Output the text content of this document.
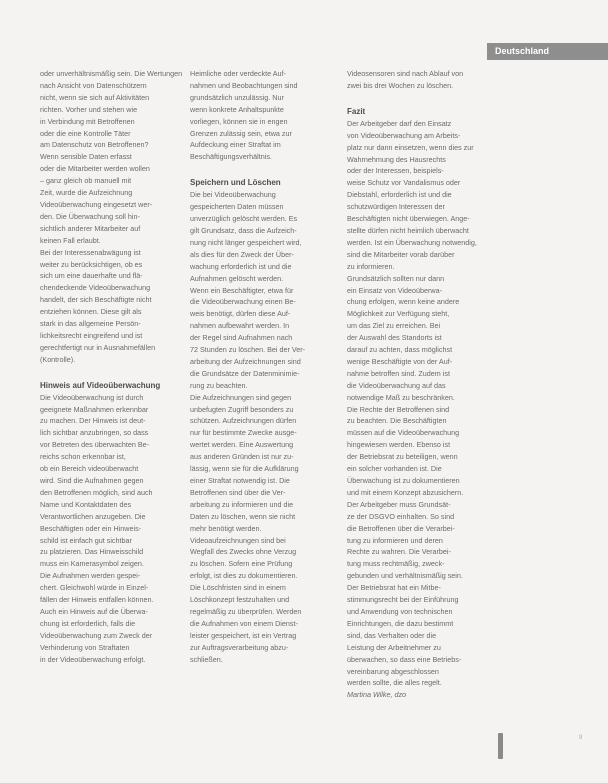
Deutschland

oder unverhältnismäßig sein. Die Wertungen

nach Ansicht von Datenschützern

nicht, wenn sie sich auf Aktivitäten

richten. Vorher und stehen wie

in Verbindung mit Betroffenen

oder die eine Kontrolle Täter

am Datenschutz von Betroffenen?

Wenn sensible Daten erfasst

oder die Mitarbeiter werden wollen

– ganz gleich ob manuell mit

Zeit, wurde die Aufzeichnung

Videoüberwachung eingesetzt wer-

den. Die Überwachung soll hin-

sichtlich anderer Mitarbeiter auf

keinen Fall erlaubt.

Bei der Interessenabwägung ist

weiter zu berücksichtigen, ob es

sich um eine dauerhafte und flä-

chendeckende Videoüberwachung

handelt, der sich Beschäftigte nicht

entziehen können. Diese gilt als

stark in das allgemeine Persön-

lichkeitsrecht eingreifend und ist

gerechtfertigt nur in Ausnahmefällen

(Kontrolle).

Hinweis auf Videoüberwachung

Die Videoüberwachung ist durch

geeignete Maßnahmen erkennbar

zu machen. Der Hinweis ist deut-

lich sichtbar anzubringen, so dass

vor Betreten des überwachten Be-

reichs schon erkennbar ist,

ob ein Bereich videoüberwacht

wird. Sind die Aufnahmen gegen

den Betroffenen möglich, sind auch

Name und Kontaktdaten des

Verantwortlichen anzugeben. Die

Beschäftigten oder ein Hinweis-

schild ist einfach gut sichtbar

zu platzieren. Das Hinweisschild

muss ein Kamerasymbol zeigen.

Die Aufnahmen werden gespei-

chert. Gleichwohl würde in Einzel-

fällen der Hinweis entfallen können.

Auch ein Hinweis auf die Überwa-

chung ist erforderlich, falls die

Videoüberwachung zum Zweck der

Verhinderung von Straftaten

in der Videoüberwachung erfolgt.

Heimliche oder verdeckte Auf-

nahmen und Beobachtungen sind

grundsätzlich unzulässig. Nur

wenn konkrete Anhaltspunkte

vorliegen, können sie in engen

Grenzen zulässig sein, etwa zur

Aufdeckung einer Straftat im

Beschäftigungsverhältnis.

Speichern und Löschen

Die bei Videoüberwachung

gespeicherten Daten müssen

unverzüglich gelöscht werden. Es

gilt Grundsatz, dass die Aufzeich-

nung nicht länger gespeichert wird,

als dies für den Zweck der Über-

wachung erforderlich ist und die

Aufnahmen gelöscht werden.

Wenn ein Beschäftigter, etwa für

die Videoüberwachung einen Be-

weis benötigt, dürfen diese Auf-

nahmen aufbewahrt werden. In

der Regel sind Aufnahmen nach

72 Stunden zu löschen. Bei der Ver-

arbeitung der Aufzeichnungen sind

die Grundsätze der Datenminimie-

rung zu beachten.

Die Aufzeichnungen sind gegen

unbefugten Zugriff besonders zu

schützen. Aufzeichnungen dürfen

nur für bestimmte Zwecke ausge-

wertet werden. Eine Auswertung

aus anderen Gründen ist nur zu-

lässig, wenn sie für die Aufklärung

einer Straftat notwendig ist. Die

Betroffenen sind über die Ver-

arbeitung zu informieren und die

Daten zu löschen, wenn sie nicht

mehr benötigt werden.

Videoaufzeichnungen sind bei

Wegfall des Zwecks ohne Verzug

zu löschen. Sofern eine Prüfung

erfolgt, ist dies zu dokumentieren.

Die Löschfristen sind in einem

Löschkonzept festzuhalten und

regelmäßig zu überprüfen. Werden

die Aufnahmen von einem Dienst-

leister gespeichert, ist ein Vertrag

zur Auftragsverarbeitung abzu-

schließen.

Videosensoren sind nach Ablauf von

zwei bis drei Wochen zu löschen.

Fazit

Der Arbeitgeber darf den Einsatz

von Videoüberwachung am Arbeits-

platz nur dann einsetzen, wenn dies zur

Wahrnehmung des Hausrechts

oder der Interessen, beispiels-

weise Schutz vor Vandalismus oder

Diebstahl, erforderlich ist und die

schutzwürdigen Interessen der

Beschäftigten nicht überwiegen. Ange-

stellte dürfen nicht heimlich überwacht

werden. Ist ein Überwachung notwendig,

sind die Mitarbeiter vorab darüber

zu informieren.

Grundsätzlich sollten nur dann

ein Einsatz von Videoüberwa-

chung erfolgen, wenn keine andere

Möglichkeit zur Verfügung steht,

um das Ziel zu erreichen. Bei

der Auswahl des Standorts ist

darauf zu achten, dass möglichst

wenige Beschäftigte von der Auf-

nahme betroffen sind. Zudem ist

die Videoüberwachung auf das

notwendige Maß zu beschränken.

Die Rechte der Betroffenen sind

zu beachten. Die Beschäftigten

müssen auf die Videoüberwachung

hingewiesen werden. Ebenso ist

der Betriebsrat zu beteiligen, wenn

ein solcher vorhanden ist. Die

Überwachung ist zu dokumentieren

und mit einem Konzept abzusichern.

Der Arbeitgeber muss Grundsät-

ze der DSGVO einhalten. So sind

die Betroffenen über die Verarbei-

tung zu informieren und deren

Rechte zu wahren. Die Verarbei-

tung muss rechtmäßig, zweck-

gebunden und verhältnismäßig sein.

Der Betriebsrat hat ein Mitbe-

stimmungsrecht bei der Einführung

und Anwendung von technischen

Einrichtungen, die dazu bestimmt

sind, das Verhalten oder die

Leistung der Arbeitnehmer zu

überwachen, so dass eine Betriebs-

vereinbarung abgeschlossen

werden sollte, die alles regelt.

Martina Wilke, dzo

9
